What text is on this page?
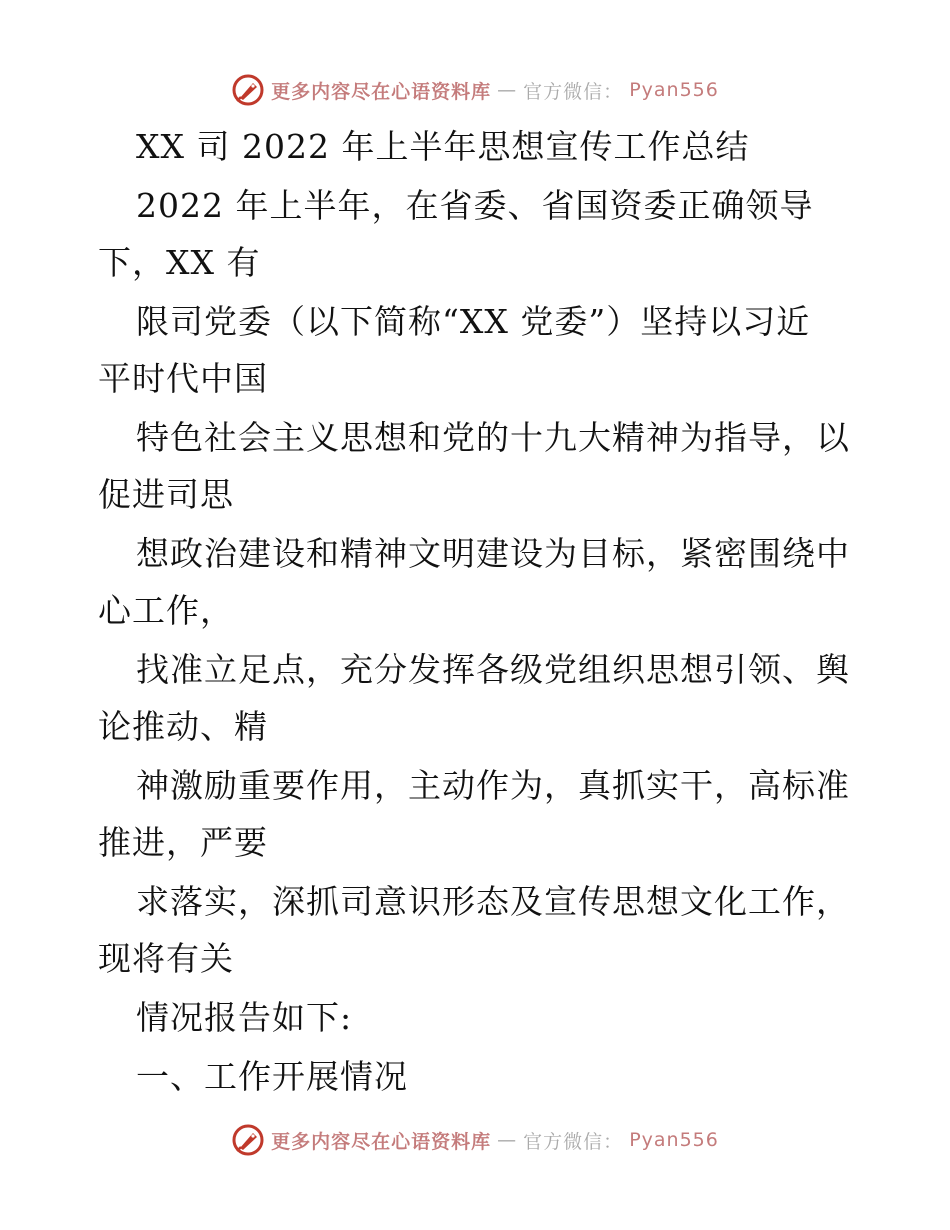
更多内容尽在心语资料库 — 官方微信： Pyan556
XX 司 2022 年上半年思想宣传工作总结
2022 年上半年，在省委、省国资委正确领导
下，XX 有
限司党委（以下简称“XX 党委”）坚持以习近
平时代中国
特色社会主义思想和党的十九大精神为指导，以
促进司思
想政治建设和精神文明建设为目标，紧密围绕中
心工作，
找准立足点，充分发挥各级党组织思想引领、舆
论推动、精
神激励重要作用，主动作为，真抓实干，高标准
推进，严要
求落实，深抓司意识形态及宣传思想文化工作，
现将有关
情况报告如下:
一、工作开展情况
更多内容尽在心语资料库 — 官方微信： Pyan556
